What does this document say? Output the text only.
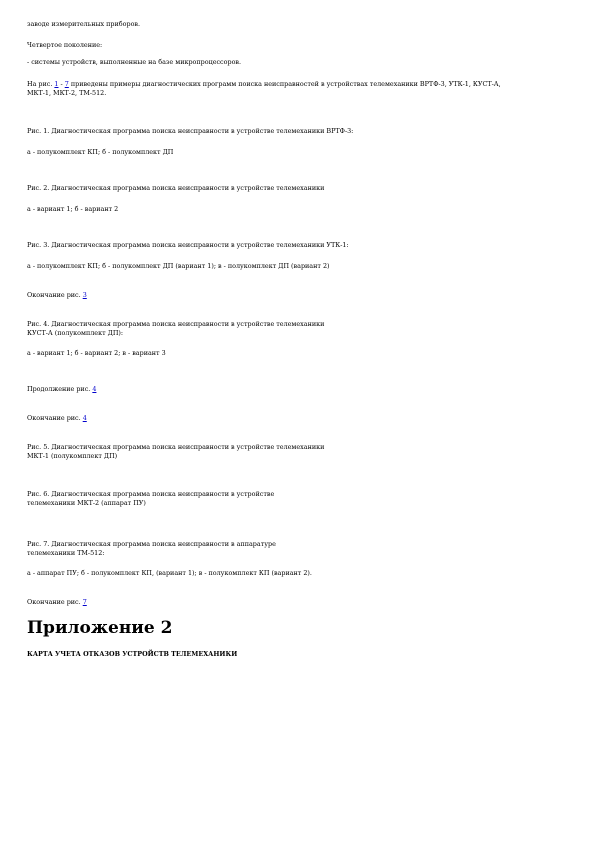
заводе измерительных приборов.
Четвертое поколение:
- системы устройств, выполненные на базе микропроцессоров.
На рис. 1 - 7 приведены примеры диагностических программ поиска неисправностей в устройствах телемеханики ВРТФ-3, УТК-1, КУСТ-А,
МКТ-1, МКТ-2, ТМ-512.
Рис. 1. Диагностическая программа поиска неисправности в устройстве телемеханики ВРТФ-3:
а - полукомплект КП; б - полукомплект ДП
Рис. 2. Диагностическая программа поиска неисправности в устройстве телемеханики
а - вариант 1; б - вариант 2
Рис. 3. Диагностическая программа поиска неисправности в устройстве телемеханики УТК-1:
а - полукомплект КП; б - полукомплект ДП (вариант 1); в - полукомплект ДП (вариант 2)
Окончание рис. 3
Рис. 4. Диагностическая программа поиска неисправности в устройстве телемеханики
КУСТ-А (полукомплект ДП):
а - вариант 1; б - вариант 2; в - вариант 3
Продолжение рис. 4
Окончание рис. 4
Рис. 5. Диагностическая программа поиска неисправности в устройстве телемеханики
МКТ-1 (полукомплект ДП)
Рис. 6. Диагностическая программа поиска неисправности в устройстве
телемеханики МКТ-2 (аппарат ПУ)
Рис. 7. Диагностическая программа поиска неисправности в аппаратуре
телемеханики ТМ-512:
а - аппарат ПУ; б - полукомплект КП, (вариант 1); в - полукомплект КП (вариант 2).
Окончание рис. 7
Приложение 2
КАРТА УЧЕТА ОТКАЗОВ УСТРОЙСТВ ТЕЛЕМЕХАНИКИ
